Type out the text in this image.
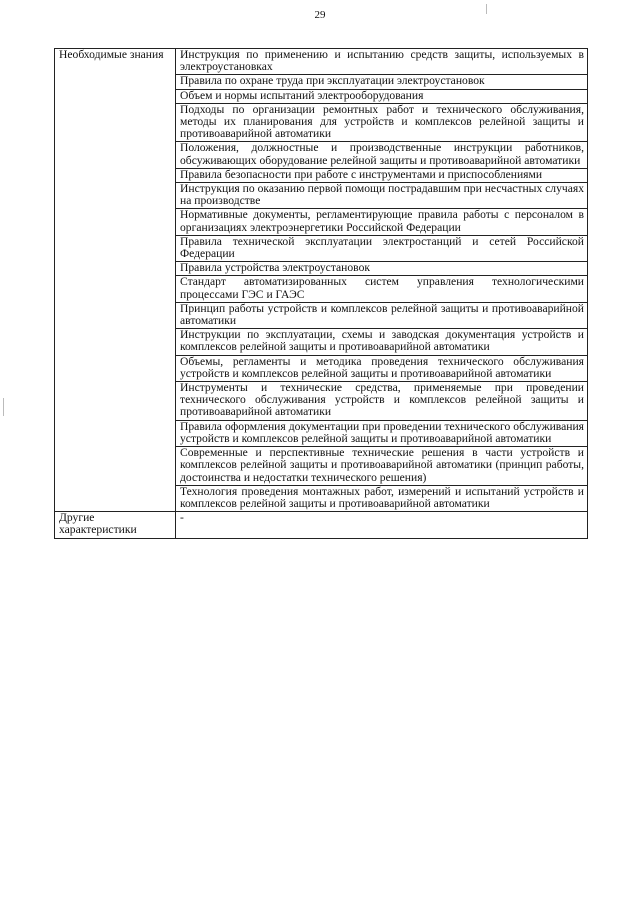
29
Необходимые знания	Инструкция по применению и испытанию средств защиты, используемых в электроустановках

	Правила по охране труда при эксплуатации электроустановок

	Объем и нормы испытаний электрооборудования

	Подходы по организации ремонтных работ и технического обслуживания, методы их планирования для устройств и комплексов релейной защиты и противоаварийной автоматики

	Положения, должностные и производственные инструкции работников, обсуживающих оборудование релейной защиты и противоаварийной автоматики

	Правила безопасности при работе с инструментами и приспособлениями

	Инструкция по оказанию первой помощи пострадавшим при несчастных случаях на производстве

	Нормативные документы, регламентирующие правила работы с персоналом в организациях электроэнергетики Российской Федерации

	Правила технической эксплуатации электростанций и сетей Российской Федерации

	Правила устройства электроустановок

	Стандарт автоматизированных систем управления технологическими процессами ГЭС и ГАЭС

	Принцип работы устройств и комплексов релейной защиты и противоаварийной автоматики

	Инструкции по эксплуатации, схемы и заводская документация устройств и комплексов релейной защиты и противоаварийной автоматики

	Объемы, регламенты и методика проведения технического обслуживания устройств и комплексов релейной защиты и противоаварийной автоматики

	Инструменты и технические средства, применяемые при проведении технического обслуживания устройств и комплексов релейной защиты и противоаварийной автоматики

	Правила оформления документации при проведении технического обслуживания устройств и комплексов релейной защиты и противоаварийной автоматики

	Современные и перспективные технические решения в части устройств и комплексов релейной защиты и противоаварийной автоматики (принцип работы, достоинства и недостатки технического решения)

	Технология проведения монтажных работ, измерений и испытаний устройств и комплексов релейной защиты и противоаварийной автоматики

Другие характеристики	-
